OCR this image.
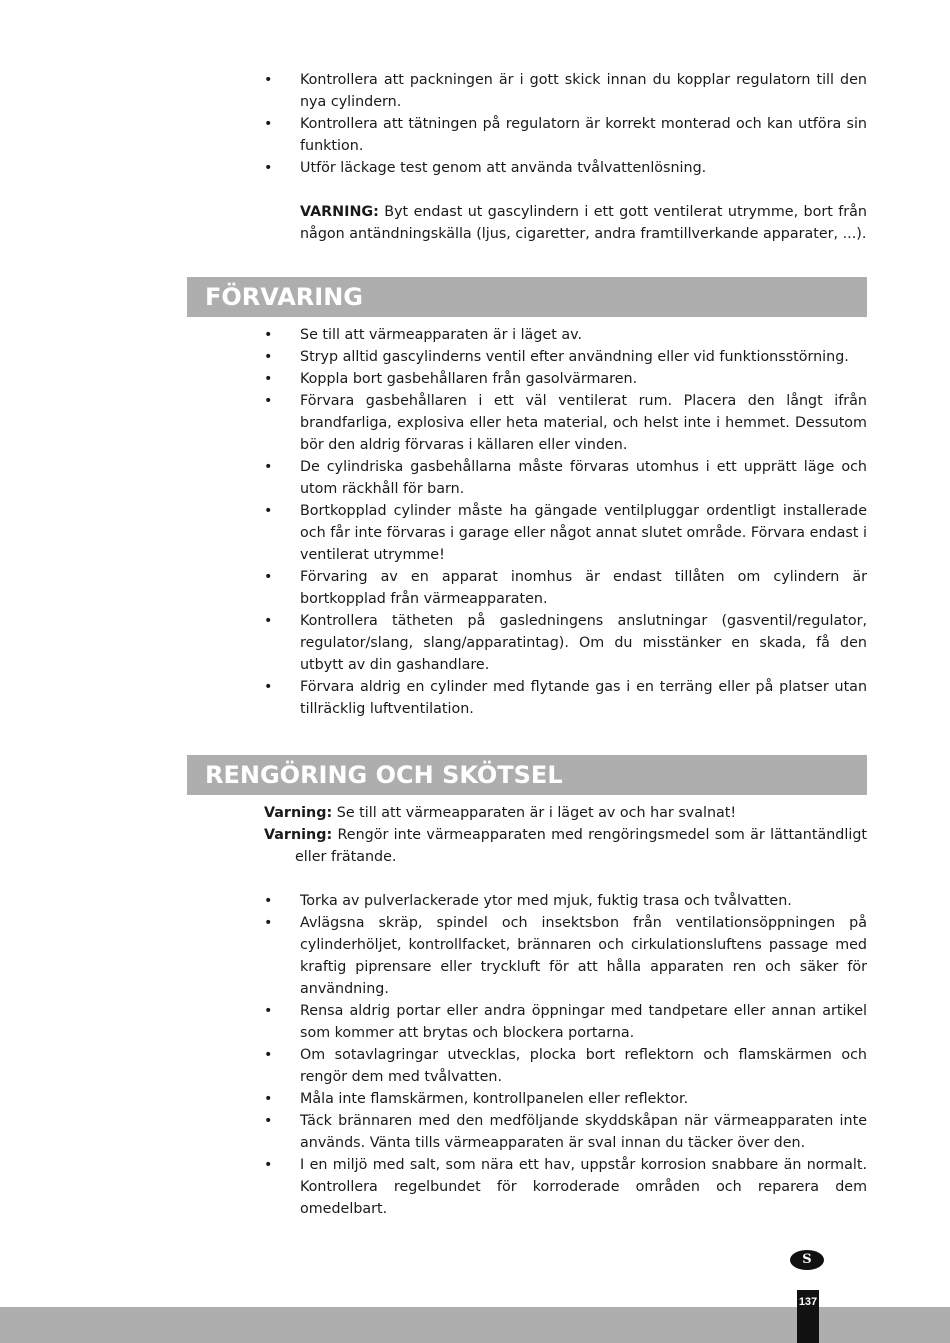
• Kontrollera att packningen är i gott skick innan du kopplar regulatorn till den nya cylindern.
• Kontrollera att tätningen på regulatorn är korrekt monterad och kan utföra sin funktion.
• Utför läckage test genom att använda tvålvattenlösning.

VARNING: Byt endast ut gascylindern i ett gott ventilerat utrymme, bort från någon antändningskälla (ljus, cigaretter, andra framtillverkande apparater, ...).

FÖRVARING
• Se till att värmeapparaten är i läget av.
• Stryp alltid gascylinderns ventil efter användning eller vid funktionsstörning.
• Koppla bort gasbehållaren från gasolvärmaren.
• Förvara gasbehållaren i ett väl ventilerat rum. Placera den långt ifrån brandfarliga, explosiva eller heta material, och helst inte i hemmet. Dessutom bör den aldrig förvaras i källaren eller vinden.
• De cylindriska gasbehållarna måste förvaras utomhus i ett upprätt läge och utom räckhåll för barn.
• Bortkopplad cylinder måste ha gängade ventilpluggar ordentligt installerade och får inte förvaras i garage eller något annat slutet område. Förvara endast i ventilerat utrymme!
• Förvaring av en apparat inomhus är endast tillåten om cylindern är bortkopplad från värmeapparaten.
• Kontrollera tätheten på gasledningens anslutningar (gasventil/regulator, regulator/slang, slang/apparatintag). Om du misstänker en skada, få den utbytt av din gashandlare.
• Förvara aldrig en cylinder med flytande gas i en terräng eller på platser utan tillräcklig luftventilation.
RENGÖRING OCH SKÖTSEL

Varning: Se till att värmeapparaten är i läget av och har svalnat!

Varning: Rengör inte värmeapparaten med rengöringsmedel som är lättantändligt eller frätande.

• Torka av pulverlackerade ytor med mjuk, fuktig trasa och tvålvatten.
• Avlägsna skräp, spindel och insektsbon från ventilationsöppningen på cylinderhöljet, kontrollfacket, brännaren och cirkulationsluftens passage med kraftig piprensare eller tryckluft för att hålla apparaten ren och säker för användning.
• Rensa aldrig portar eller andra öppningar med tandpetare eller annan artikel som kommer att brytas och blockera portarna.
• Om sotavlagringar utvecklas, plocka bort reflektorn och flamskärmen och rengör dem med tvålvatten.
• Måla inte flamskärmen, kontrollpanelen eller reflektor.
• Täck brännaren med den medföljande skyddskåpan när värmeapparaten inte används. Vänta tills värmeapparaten är sval innan du täcker över den.
• I en miljö med salt, som nära ett hav, uppstår korrosion snabbare än normalt. Kontrollera regelbundet för korroderade områden och reparera dem omedelbart.
S
137
